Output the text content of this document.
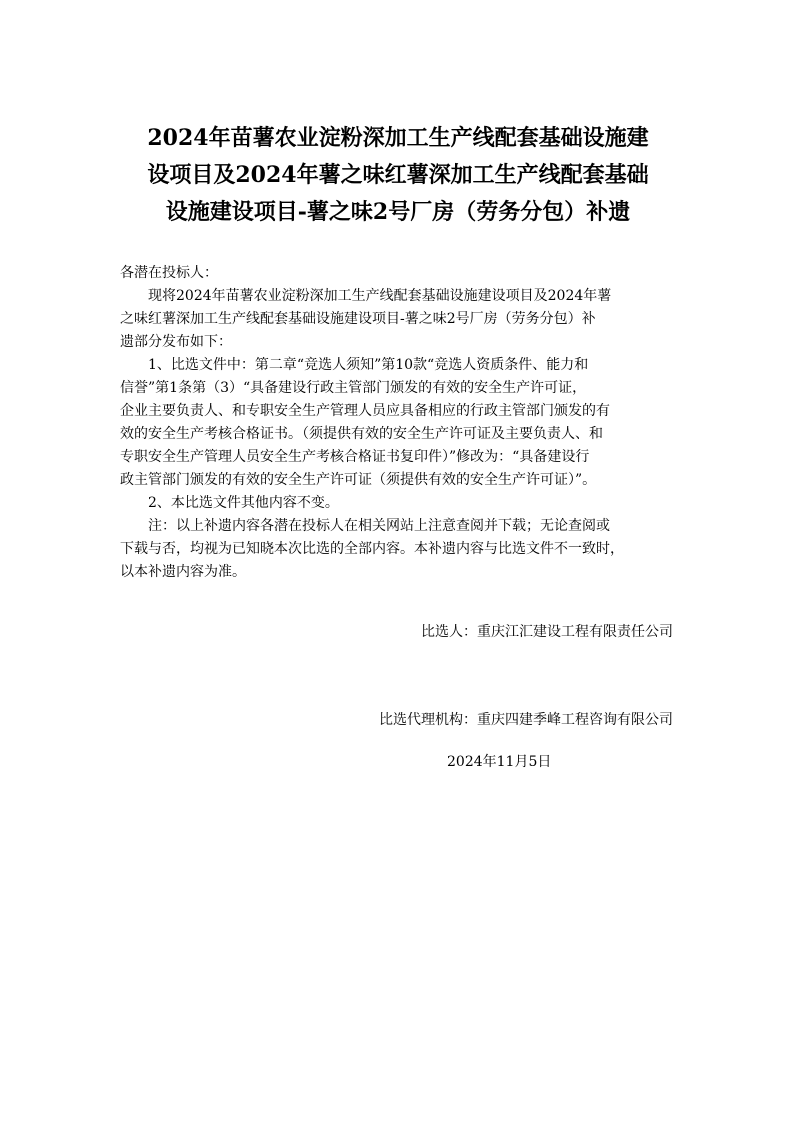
2024年苗薯农业淀粉深加工生产线配套基础设施建
设项目及2024年薯之味红薯深加工生产线配套基础
设施建设项目-薯之味2号厂房（劳务分包）补遗
各潜在投标人：
现将2024年苗薯农业淀粉深加工生产线配套基础设施建设项目及2024年薯
之味红薯深加工生产线配套基础设施建设项目-薯之味2号厂房（劳务分包）补
遗部分发布如下：
1、比选文件中：第二章“竞选人须知”第10款“竞选人资质条件、能力和
信誉”第1条第（3）“具备建设行政主管部门颁发的有效的安全生产许可证，
企业主要负责人、和专职安全生产管理人员应具备相应的行政主管部门颁发的有
效的安全生产考核合格证书。（须提供有效的安全生产许可证及主要负责人、和
专职安全生产管理人员安全生产考核合格证书复印件）”修改为：“具备建设行
政主管部门颁发的有效的安全生产许可证（须提供有效的安全生产许可证）”。
2、本比选文件其他内容不变。
注：以上补遗内容各潜在投标人在相关网站上注意查阅并下载；无论查阅或
下载与否，均视为已知晓本次比选的全部内容。本补遗内容与比选文件不一致时，
以本补遗内容为准。
比选人：重庆江汇建设工程有限责任公司
比选代理机构：重庆四建季峰工程咨询有限公司
2024年11月5日
